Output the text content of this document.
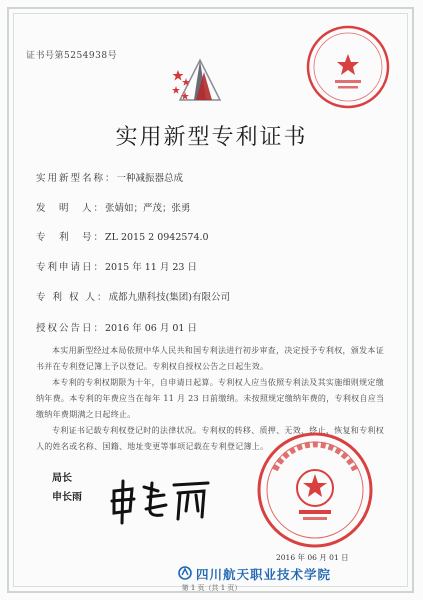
证书号第5254938号
实用新型专利证书
实用新型名称：一种减振器总成
发　明　人：张婧如；严茂；张勇
专　利　号：ZL 2015 2 0942574.0
专利申请日：2015 年 11 月 23 日
专 利 权 人：成都九鼎科技(集团)有限公司
授权公告日：2016 年 06 月 01 日
本实用新型经过本局依照中华人民共和国专利法进行初步审查，决定授予专利权，颁发本证书并在专利登记簿上予以登记。专利权自授权公告之日起生效。
本专利的专利权期限为十年，自申请日起算。专利权人应当依照专利法及其实施细则规定缴纳年费。本专利的年费应当在每年 11 月 23 日前缴纳。未按照规定缴纳年费的，专利权自应当缴纳年费期满之日起终止。
专利证书记载专利权登记时的法律状况。专利权的转移、质押、无效、终止、恢复和专利权人的姓名或名称、国籍、地址变更等事项记载在专利登记簿上。
局长
申长雨
2016 年 06 月 01 日
四川航天职业技术学院
第 1 页（共 1 页）
